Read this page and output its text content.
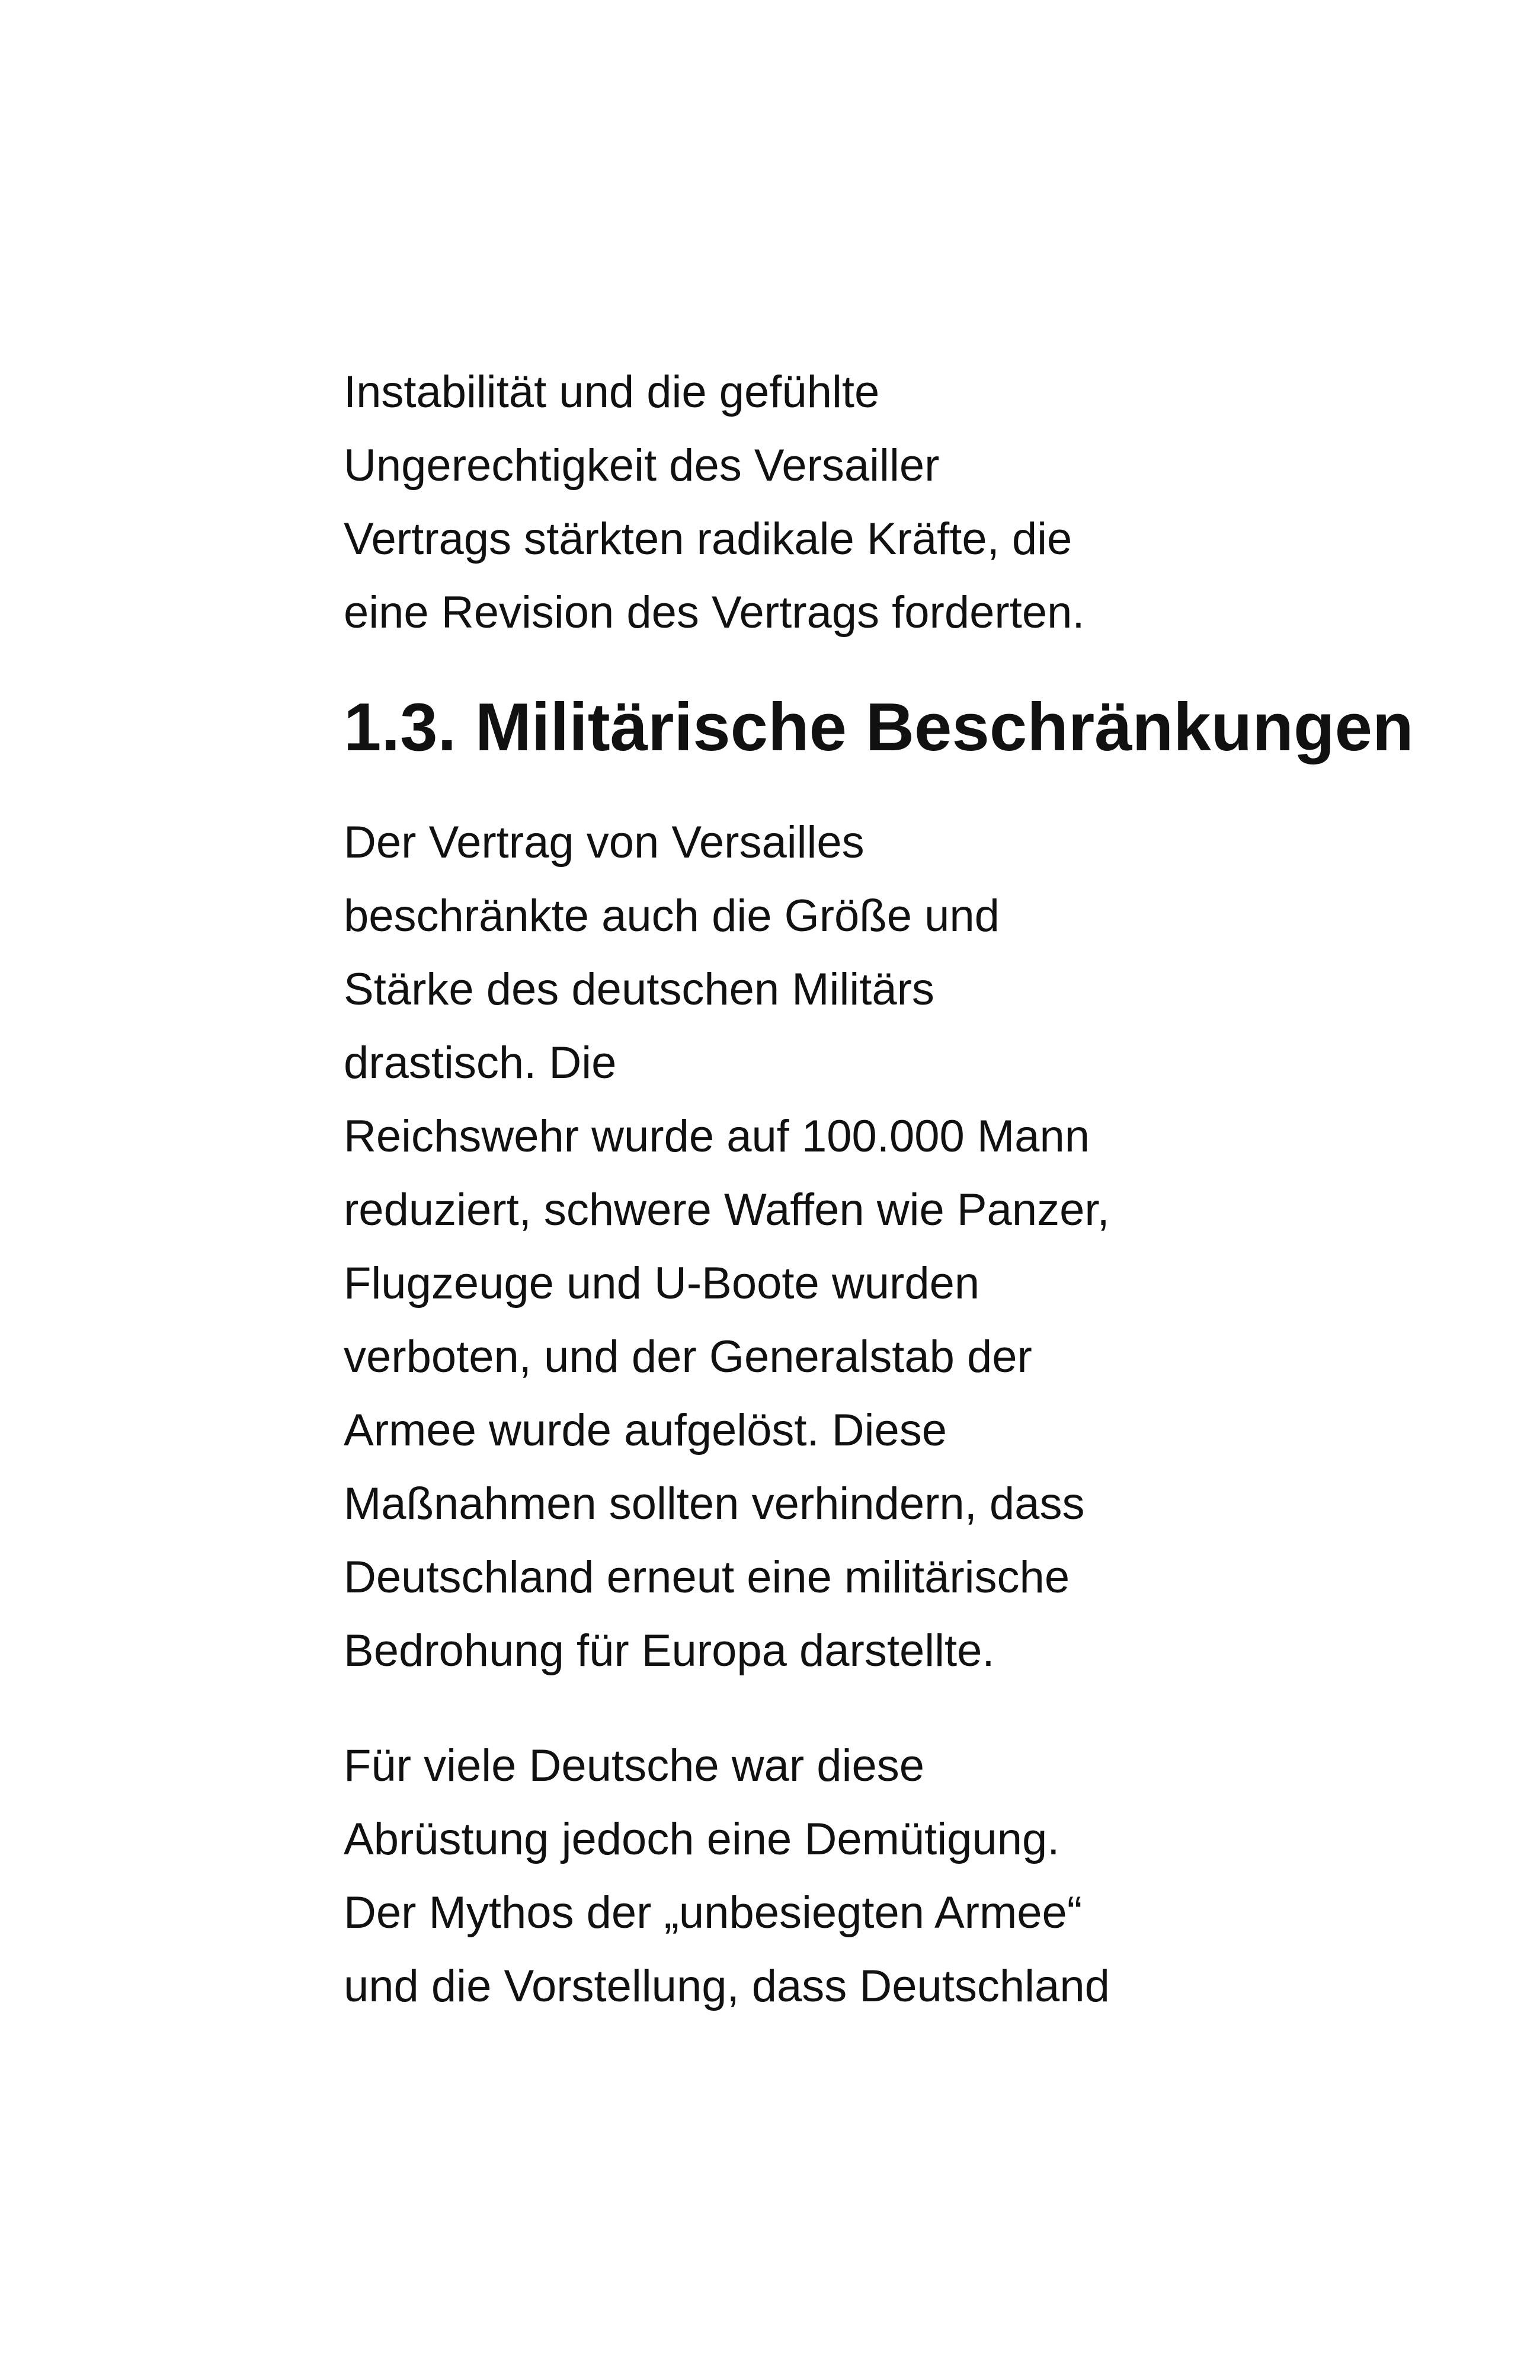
Instabilität und die gefühlte
Ungerechtigkeit des Versailler
Vertrags stärkten radikale Kräfte, die
eine Revision des Vertrags forderten.

1.3. Militärische Beschränkungen

Der Vertrag von Versailles
beschränkte auch die Größe und
Stärke des deutschen Militärs
drastisch. Die
Reichswehr wurde auf 100.000 Mann
reduziert, schwere Waffen wie Panzer,
Flugzeuge und U-Boote wurden
verboten, und der Generalstab der
Armee wurde aufgelöst. Diese
Maßnahmen sollten verhindern, dass
Deutschland erneut eine militärische
Bedrohung für Europa darstellte.

Für viele Deutsche war diese
Abrüstung jedoch eine Demütigung.
Der Mythos der „unbesiegten Armee“
und die Vorstellung, dass Deutschland
